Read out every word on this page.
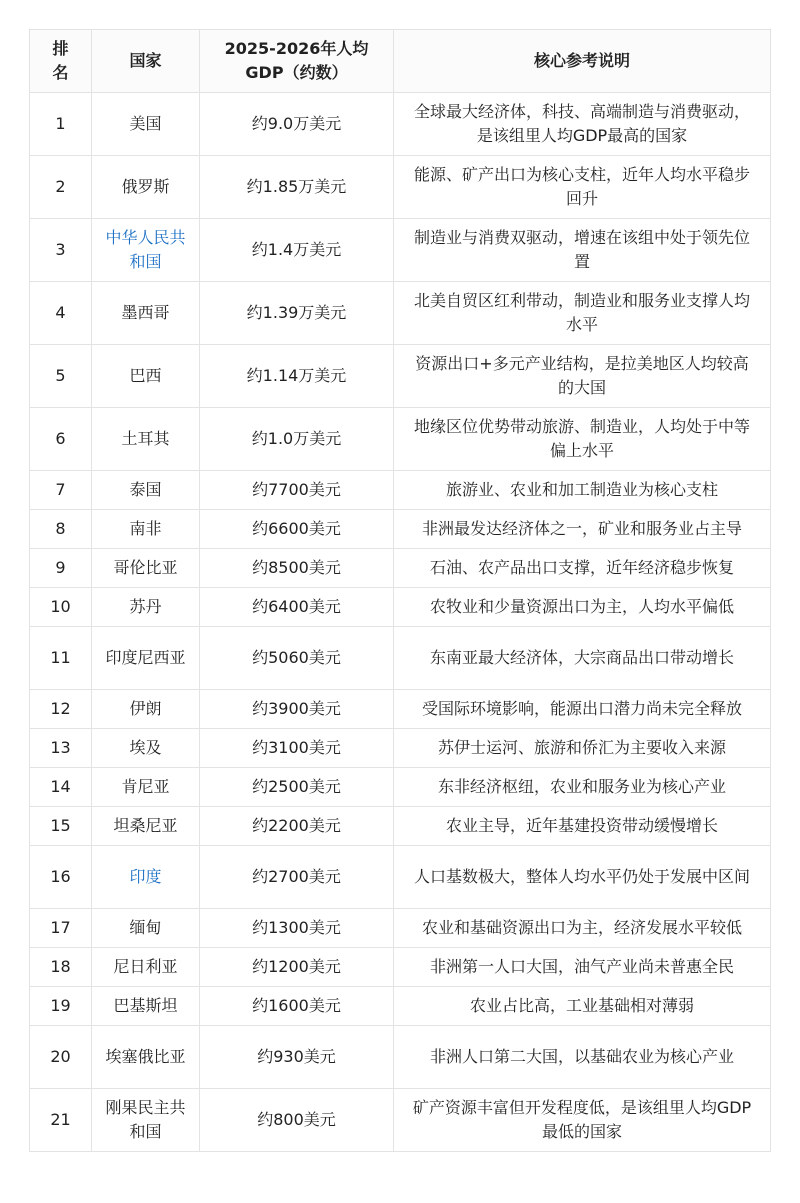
排名	国家	2025-2026年人均GDP（约数）	核心参考说明
1	美国	约9.0万美元	全球最大经济体，科技、高端制造与消费驱动，是该组里人均GDP最高的国家
2	俄罗斯	约1.85万美元	能源、矿产出口为核心支柱，近年人均水平稳步回升
3	中华人民共和国	约1.4万美元	制造业与消费双驱动，增速在该组中处于领先位置
4	墨西哥	约1.39万美元	北美自贸区红利带动，制造业和服务业支撑人均水平
5	巴西	约1.14万美元	资源出口+多元产业结构，是拉美地区人均较高的大国
6	土耳其	约1.0万美元	地缘区位优势带动旅游、制造业，人均处于中等偏上水平
7	泰国	约7700美元	旅游业、农业和加工制造业为核心支柱
8	南非	约6600美元	非洲最发达经济体之一，矿业和服务业占主导
9	哥伦比亚	约8500美元	石油、农产品出口支撑，近年经济稳步恢复
10	苏丹	约6400美元	农牧业和少量资源出口为主，人均水平偏低
11	印度尼西亚	约5060美元	东南亚最大经济体，大宗商品出口带动增长
12	伊朗	约3900美元	受国际环境影响，能源出口潜力尚未完全释放
13	埃及	约3100美元	苏伊士运河、旅游和侨汇为主要收入来源
14	肯尼亚	约2500美元	东非经济枢纽，农业和服务业为核心产业
15	坦桑尼亚	约2200美元	农业主导，近年基建投资带动缓慢增长
16	印度	约2700美元	人口基数极大，整体人均水平仍处于发展中区间
17	缅甸	约1300美元	农业和基础资源出口为主，经济发展水平较低
18	尼日利亚	约1200美元	非洲第一人口大国，油气产业尚未普惠全民
19	巴基斯坦	约1600美元	农业占比高，工业基础相对薄弱
20	埃塞俄比亚	约930美元	非洲人口第二大国，以基础农业为核心产业
21	刚果民主共和国	约800美元	矿产资源丰富但开发程度低，是该组里人均GDP最低的国家
